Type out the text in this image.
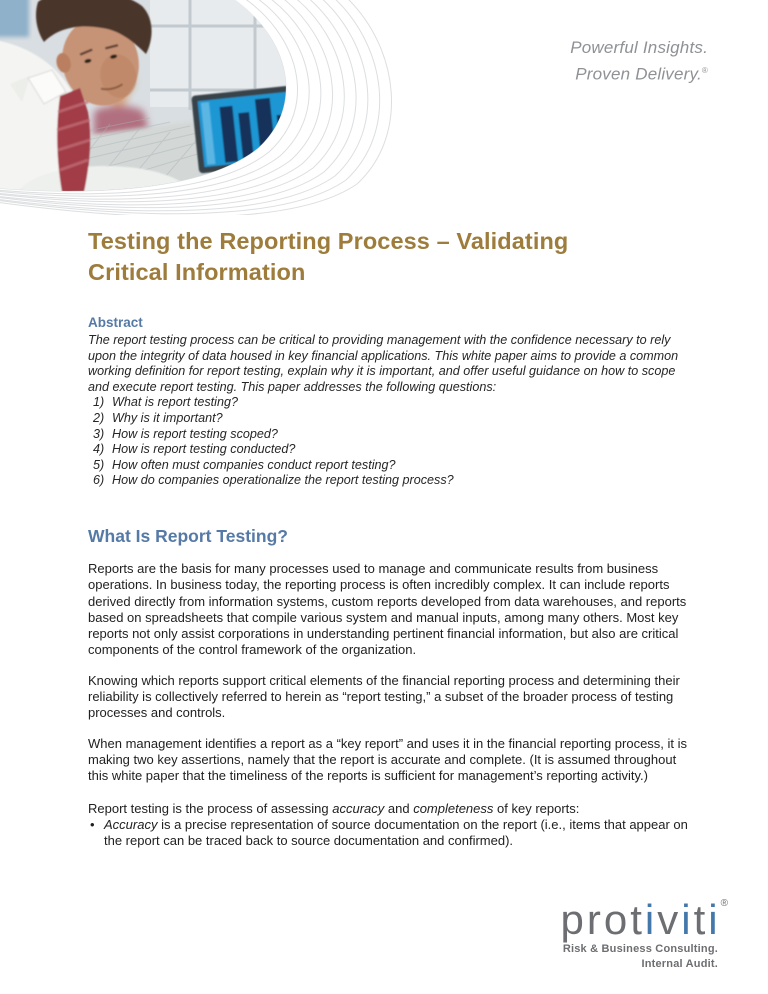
Powerful Insights.
Proven Delivery.®
Testing the Reporting Process – Validating
Critical Information
Abstract
The report testing process can be critical to providing management with the confidence necessary to rely upon the integrity of data housed in key financial applications. This white paper aims to provide a common working definition for report testing, explain why it is important, and offer useful guidance on how to scope and execute report testing. This paper addresses the following questions:
1) What is report testing?
2) Why is it important?
3) How is report testing scoped?
4) How is report testing conducted?
5) How often must companies conduct report testing?
6) How do companies operationalize the report testing process?
What Is Report Testing?
Reports are the basis for many processes used to manage and communicate results from business operations. In business today, the reporting process is often incredibly complex. It can include reports derived directly from information systems, custom reports developed from data warehouses, and reports based on spreadsheets that compile various system and manual inputs, among many others. Most key reports not only assist corporations in understanding pertinent financial information, but also are critical components of the control framework of the organization.
Knowing which reports support critical elements of the financial reporting process and determining their reliability is collectively referred to herein as “report testing,” a subset of the broader process of testing processes and controls.
When management identifies a report as a “key report” and uses it in the financial reporting process, it is making two key assertions, namely that the report is accurate and complete. (It is assumed throughout this white paper that the timeliness of the reports is sufficient for management’s reporting activity.)
Report testing is the process of assessing accuracy and completeness of key reports:
• Accuracy is a precise representation of source documentation on the report (i.e., items that appear on the report can be traced back to source documentation and confirmed).
protiviti®
Risk & Business Consulting.
Internal Audit.
